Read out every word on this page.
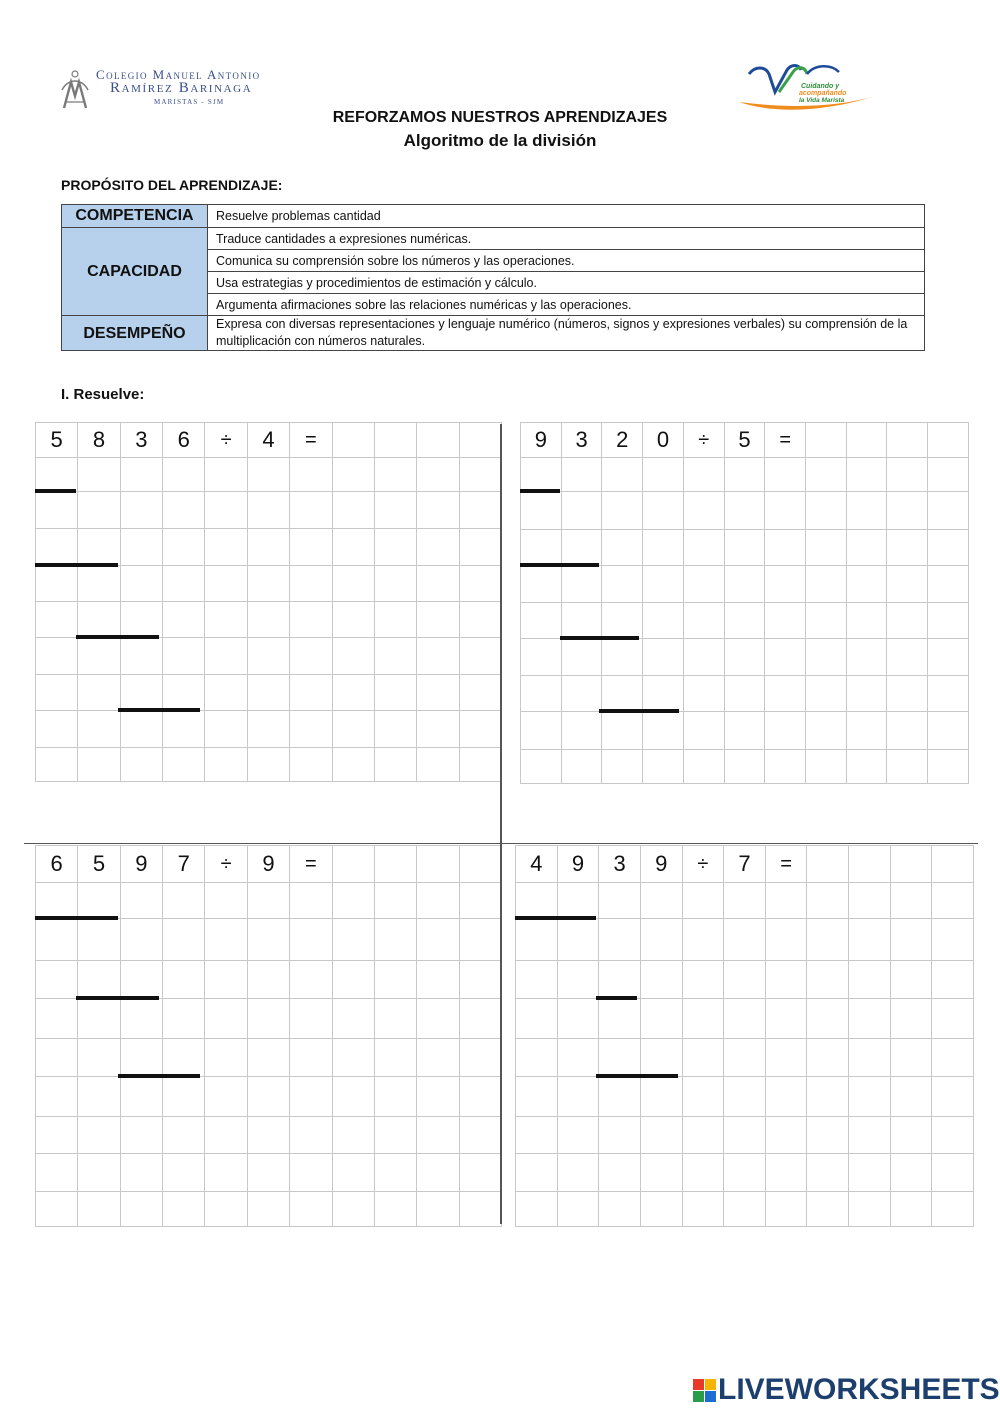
Colegio Manuel Antonio
Ramírez Barinaga
MARISTAS - SJM
Cuidando y
acompañando
la Vida Marista
REFORZAMOS NUESTROS APRENDIZAJES
Algoritmo de la división
PROPÓSITO DEL APRENDIZAJE:
COMPETENCIA	Resuelve problemas cantidad
CAPACIDAD	Traduce cantidades a expresiones numéricas.
	Comunica su comprensión sobre los números y las operaciones.
	Usa estrategias y procedimientos de estimación y cálculo.
	Argumenta afirmaciones sobre las relaciones numéricas y las operaciones.
DESEMPEÑO	Expresa con diversas representaciones y lenguaje numérico (números, signos y expresiones verbales) su comprensión de la multiplicación con números naturales.
I. Resuelve:
5	8	3	6	÷	4	=				

											9	3	2	0	÷	5	=				

6	5	9	7	÷	9	=				

											4	9	3	9	÷	7	=				

LIVEWORKSHEETS
